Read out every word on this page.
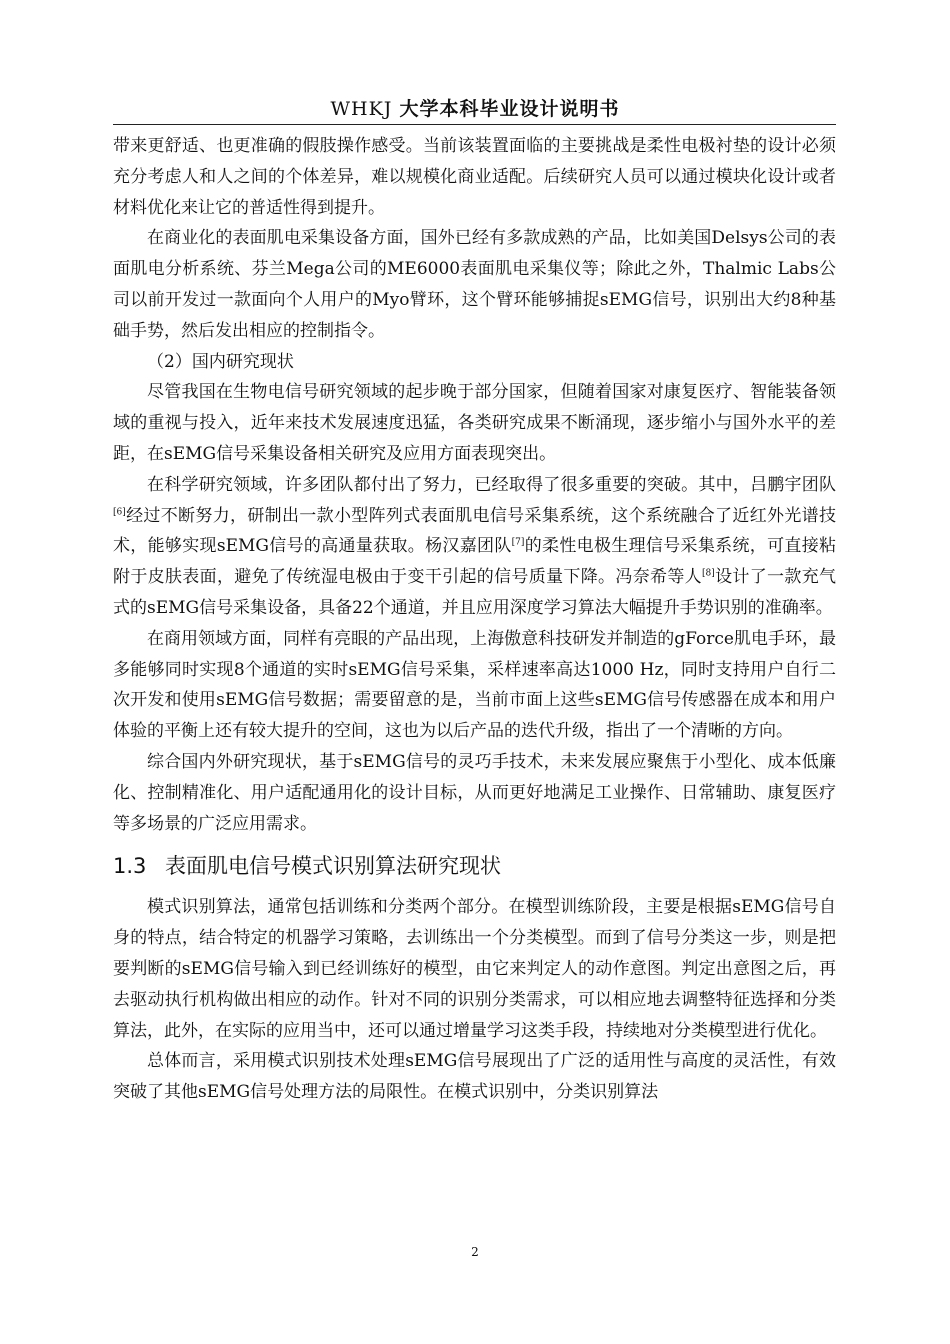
WHKJ 大学本科毕业设计说明书

带来更舒适、也更准确的假肢操作感受。当前该装置面临的主要挑战是柔性电极衬垫的设计必须充分考虑人和人之间的个体差异，难以规模化商业适配。后续研究人员可以通过模块化设计或者材料优化来让它的普适性得到提升。

在商业化的表面肌电采集设备方面，国外已经有多款成熟的产品，比如美国Delsys公司的表面肌电分析系统、芬兰Mega公司的ME6000表面肌电采集仪等；除此之外，Thalmic Labs公司以前开发过一款面向个人用户的Myo臂环，这个臂环能够捕捉sEMG信号，识别出大约8种基础手势，然后发出相应的控制指令。

（2）国内研究现状

尽管我国在生物电信号研究领域的起步晚于部分国家，但随着国家对康复医疗、智能装备领域的重视与投入，近年来技术发展速度迅猛，各类研究成果不断涌现，逐步缩小与国外水平的差距，在sEMG信号采集设备相关研究及应用方面表现突出。

在科学研究领域，许多团队都付出了努力，已经取得了很多重要的突破。其中，吕鹏宇团队[6]经过不断努力，研制出一款小型阵列式表面肌电信号采集系统，这个系统融合了近红外光谱技术，能够实现sEMG信号的高通量获取。杨汉嘉团队[7]的柔性电极生理信号采集系统，可直接粘附于皮肤表面，避免了传统湿电极由于变干引起的信号质量下降。冯奈希等人[8]设计了一款充气式的sEMG信号采集设备，具备22个通道，并且应用深度学习算法大幅提升手势识别的准确率。

在商用领域方面，同样有亮眼的产品出现，上海傲意科技研发并制造的gForce肌电手环，最多能够同时实现8个通道的实时sEMG信号采集，采样速率高达1000 Hz，同时支持用户自行二次开发和使用sEMG信号数据；需要留意的是，当前市面上这些sEMG信号传感器在成本和用户体验的平衡上还有较大提升的空间，这也为以后产品的迭代升级，指出了一个清晰的方向。

综合国内外研究现状，基于sEMG信号的灵巧手技术，未来发展应聚焦于小型化、成本低廉化、控制精准化、用户适配通用化的设计目标，从而更好地满足工业操作、日常辅助、康复医疗等多场景的广泛应用需求。

1.3 表面肌电信号模式识别算法研究现状

模式识别算法，通常包括训练和分类两个部分。在模型训练阶段，主要是根据sEMG信号自身的特点，结合特定的机器学习策略，去训练出一个分类模型。而到了信号分类这一步，则是把要判断的sEMG信号输入到已经训练好的模型，由它来判定人的动作意图。判定出意图之后，再去驱动执行机构做出相应的动作。针对不同的识别分类需求，可以相应地去调整特征选择和分类算法，此外，在实际的应用当中，还可以通过增量学习这类手段，持续地对分类模型进行优化。

总体而言，采用模式识别技术处理sEMG信号展现出了广泛的适用性与高度的灵活性，有效突破了其他sEMG信号处理方法的局限性。在模式识别中，分类识别算法

2
